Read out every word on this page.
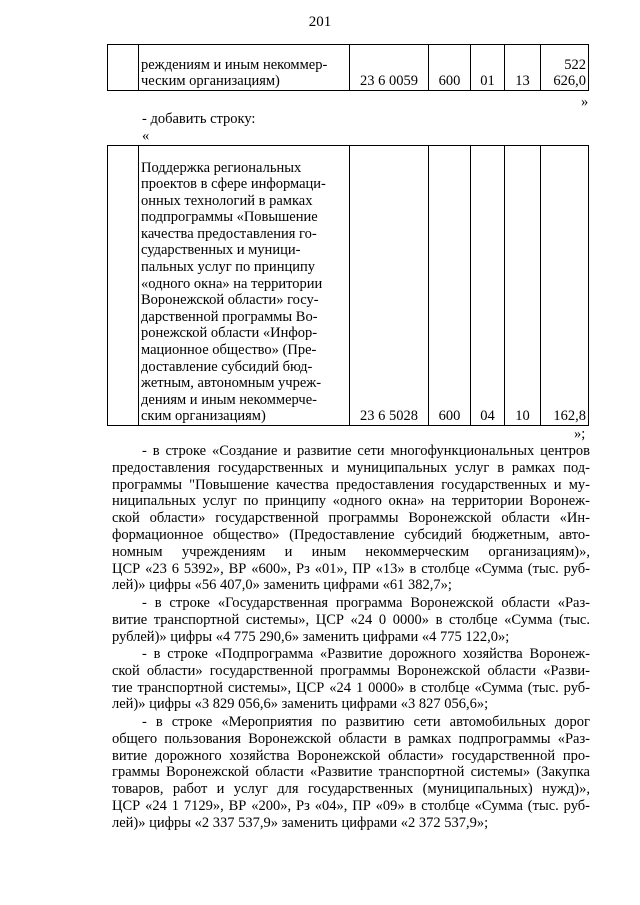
201

реждениям и иным некоммер-
ческим организациям)	23 6 0059	600	01	13	522 626,0
»
- добавить строку:
«

Поддержка региональных
проектов в сфере информаци-
онных технологий в рамках
подпрограммы «Повышение
качества предоставления го-
сударственных и муници-
пальных услуг по принципу
«одного окна» на территории
Воронежской области» госу-
дарственной программы Во-
ронежской области «Инфор-
мационное общество» (Пре-
доставление субсидий бюд-
жетным, автономным учреж-
дениям и иным некоммерче-
ским организациям)	23 6 5028	600	04	10	162,8
»;
- в строке «Создание и развитие сети многофункциональных центров
предоставления государственных и муниципальных услуг в рамках под-
программы "Повышение качества предоставления государственных и му-
ниципальных услуг по принципу «одного окна» на территории Воронеж-
ской области» государственной программы Воронежской области «Ин-
формационное общество» (Предоставление субсидий бюджетным, авто-
номным учреждениям и иным некоммерческим организациям)»,
ЦСР «23 6 5392», ВР «600», Рз «01», ПР «13» в столбце «Сумма (тыс. руб-
лей)» цифры «56 407,0» заменить цифрами «61 382,7»;
- в строке «Государственная программа Воронежской области «Раз-
витие транспортной системы», ЦСР «24 0 0000» в столбце «Сумма (тыс.
рублей)» цифры «4 775 290,6» заменить цифрами «4 775 122,0»;
- в строке «Подпрограмма «Развитие дорожного хозяйства Воронеж-
ской области» государственной программы Воронежской области «Разви-
тие транспортной системы», ЦСР «24 1 0000» в столбце «Сумма (тыс. руб-
лей)» цифры «3 829 056,6» заменить цифрами «3 827 056,6»;
- в строке «Мероприятия по развитию сети автомобильных дорог
общего пользования Воронежской области в рамках подпрограммы «Раз-
витие дорожного хозяйства Воронежской области» государственной про-
граммы Воронежской области «Развитие транспортной системы» (Закупка
товаров, работ и услуг для государственных (муниципальных) нужд)»,
ЦСР «24 1 7129», ВР «200», Рз «04», ПР «09» в столбце «Сумма (тыс. руб-
лей)» цифры «2 337 537,9» заменить цифрами «2 372 537,9»;
